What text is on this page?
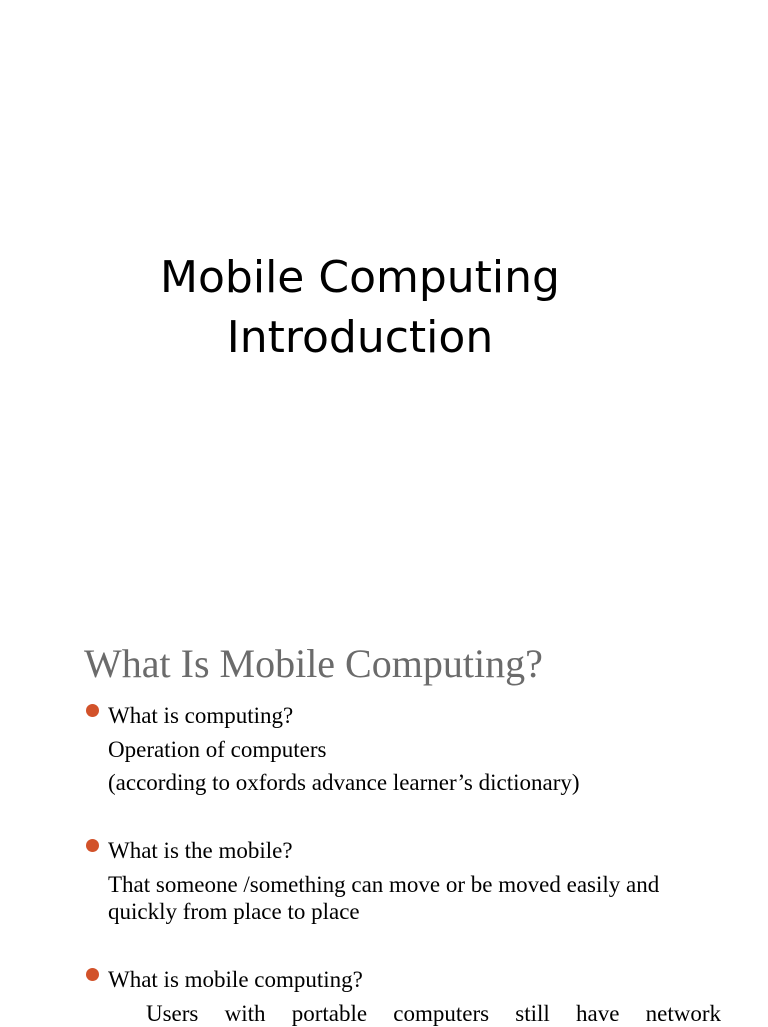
Mobile Computing
Introduction
What Is Mobile Computing?
What is computing?
Operation of computers
(according to oxfords advance learner’s dictionary)
What is the mobile?
That someone /something can move or be moved easily and
quickly from place to place
What is mobile computing?
Users with portable computers still have network
